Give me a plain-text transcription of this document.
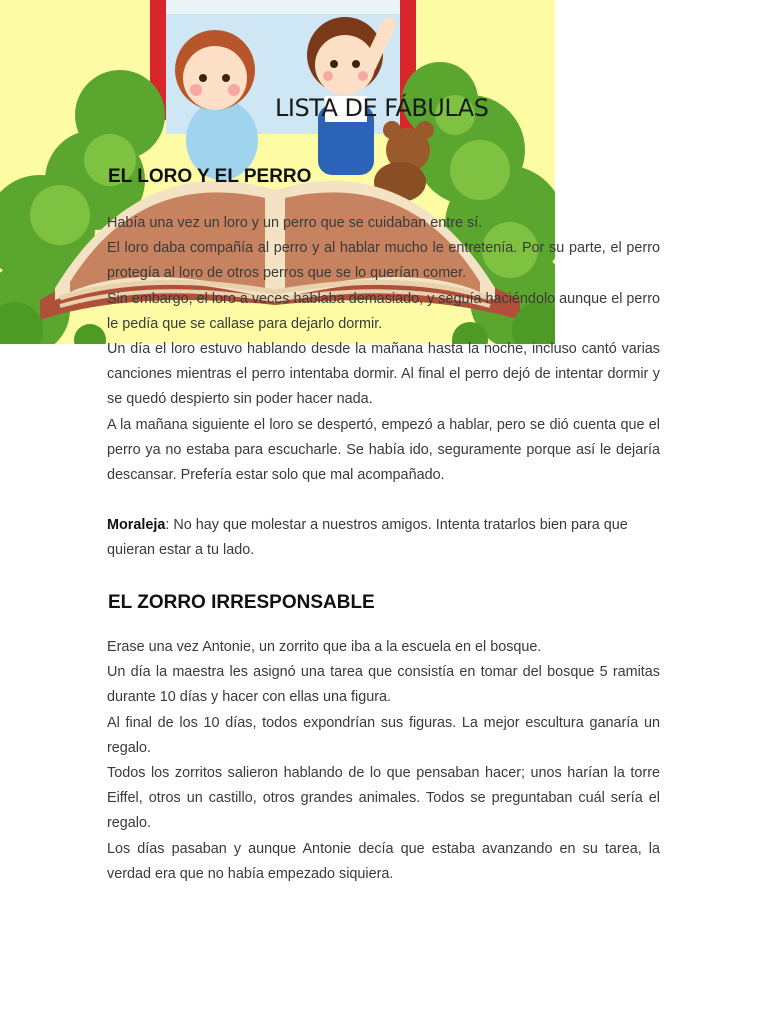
LISTA DE FÁBULAS
EL LORO Y EL PERRO

Había una vez un loro y un perro que se cuidaban entre sí.

El loro daba compañía al perro y al hablar mucho le entretenía. Por su parte, el perro protegía al loro de otros perros que se lo querían comer.

Sin embargo, el loro a veces hablaba demasiado, y seguía haciéndolo aunque el perro le pedía que se callase para dejarlo dormir.

Un día el loro estuvo hablando desde la mañana hasta la noche, incluso cantó varias canciones mientras el perro intentaba dormir. Al final el perro dejó de intentar dormir y se quedó despierto sin poder hacer nada.

A la mañana siguiente el loro se despertó, empezó a hablar, pero se dió cuenta que el perro ya no estaba para escucharle. Se había ido, seguramente porque así le dejaría descansar. Prefería estar solo que mal acompañado.

Moraleja: No hay que molestar a nuestros amigos. Intenta tratarlos bien para que quieran estar a tu lado.
EL ZORRO IRRESPONSABLE

Erase una vez Antonie, un zorrito que iba a la escuela en el bosque.

Un día la maestra les asignó una tarea que consistía en tomar del bosque 5 ramitas durante 10 días y hacer con ellas una figura.

Al final de los 10 días, todos expondrían sus figuras. La mejor escultura ganaría un regalo.

Todos los zorritos salieron hablando de lo que pensaban hacer; unos harían la torre Eiffel, otros un castillo, otros grandes animales. Todos se preguntaban cuál sería el regalo.

Los días pasaban y aunque Antonie decía que estaba avanzando en su tarea, la verdad era que no había empezado siquiera.
